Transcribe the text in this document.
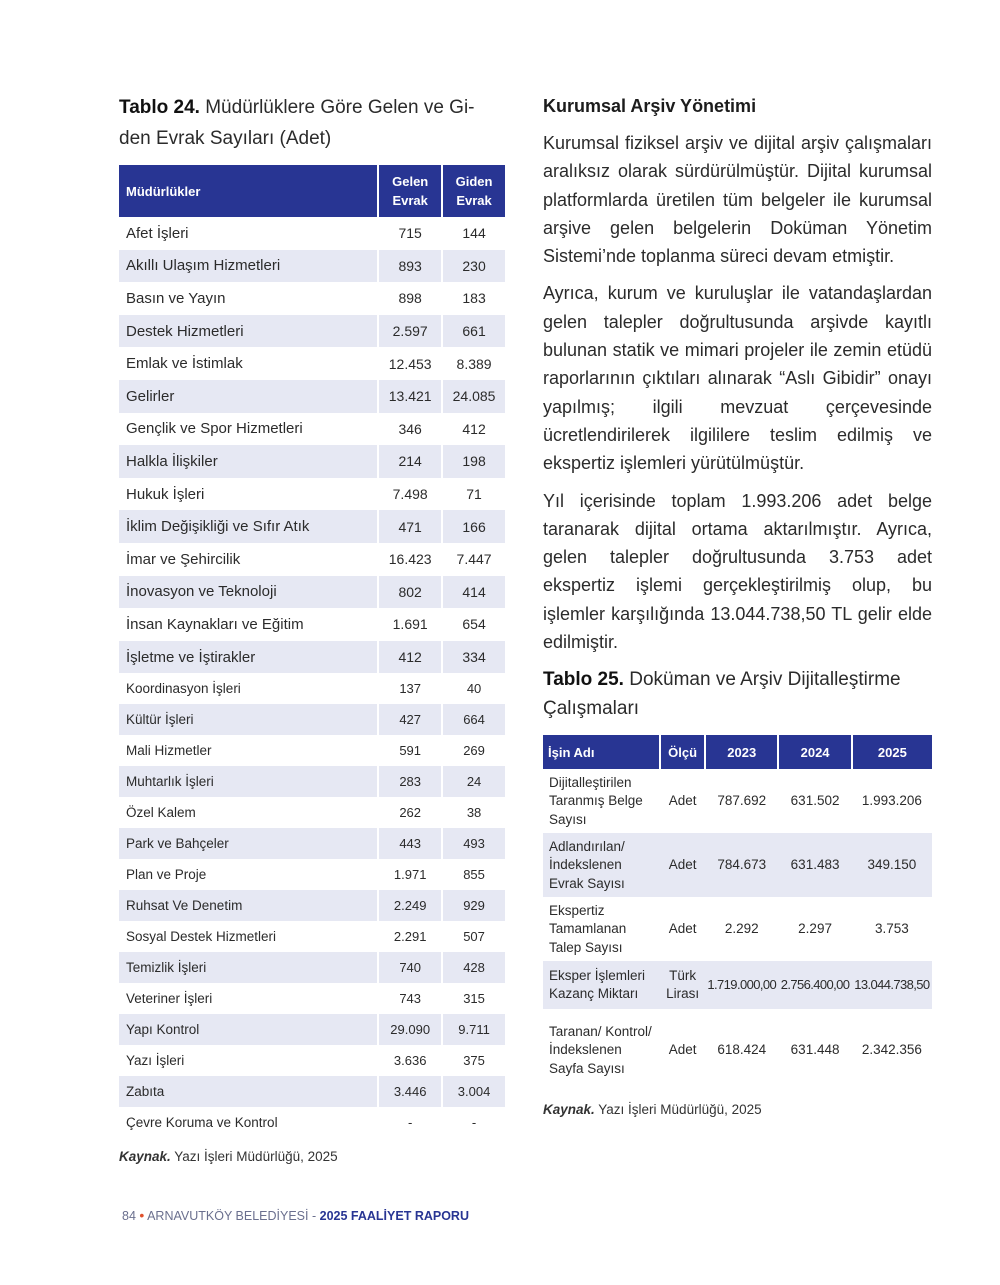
Tablo 24. Müdürlüklere Göre Gelen ve Gi-den Evrak Sayıları (Adet)

Müdürlükler	Gelen Evrak	Giden Evrak
Afet İşleri	715	144
Akıllı Ulaşım Hizmetleri	893	230
Basın ve Yayın	898	183
Destek Hizmetleri	2.597	661
Emlak ve İstimlak	12.453	8.389
Gelirler	13.421	24.085
Gençlik ve Spor Hizmetleri	346	412
Halkla İlişkiler	214	198
Hukuk İşleri	7.498	71
İklim Değişikliği ve Sıfır Atık	471	166
İmar ve Şehircilik	16.423	7.447
İnovasyon ve Teknoloji	802	414
İnsan Kaynakları ve Eğitim	1.691	654
İşletme ve İştirakler	412	334
Koordinasyon İşleri	137	40
Kültür İşleri	427	664
Mali Hizmetler	591	269
Muhtarlık İşleri	283	24
Özel Kalem	262	38
Park ve Bahçeler	443	493
Plan ve Proje	1.971	855
Ruhsat Ve Denetim	2.249	929
Sosyal Destek Hizmetleri	2.291	507
Temizlik İşleri	740	428
Veteriner İşleri	743	315
Yapı Kontrol	29.090	9.711
Yazı İşleri	3.636	375
Zabıta	3.446	3.004
Çevre Koruma ve Kontrol	-	-
Kaynak. Yazı İşleri Müdürlüğü, 2025

Kurumsal Arşiv Yönetimi

Kurumsal fiziksel arşiv ve dijital arşiv çalışmaları aralıksız olarak sürdürülmüştür. Dijital kurumsal platformlarda üretilen tüm belgeler ile kurumsal arşive gelen belgelerin Doküman Yönetim Sistemi’nde toplanma süreci devam etmiştir.

Ayrıca, kurum ve kuruluşlar ile vatandaşlardan gelen talepler doğrultusunda arşivde kayıtlı bulunan statik ve mimari projeler ile zemin etüdü raporlarının çıktıları alınarak “Aslı Gibidir” onayı yapılmış; ilgili mevzuat çerçevesinde ücretlendirilerek ilgililere teslim edilmiş ve ekspertiz işlemleri yürütülmüştür.

Yıl içerisinde toplam 1.993.206 adet belge taranarak dijital ortama aktarılmıştır. Ayrıca, gelen talepler doğrultusunda 3.753 adet ekspertiz işlemi gerçekleştirilmiş olup, bu işlemler karşılığında 13.044.738,50 TL gelir elde edilmiştir.

Tablo 25. Doküman ve Arşiv Dijitalleştirme Çalışmaları

İşin Adı	Ölçü	2023	2024	2025
Dijitalleştirilen Taranmış Belge Sayısı	Adet	787.692	631.502	1.993.206
Adlandırılan/ İndekslenen Evrak Sayısı	Adet	784.673	631.483	349.150
Ekspertiz Tamamlanan Talep Sayısı	Adet	2.292	2.297	3.753
Eksper İşlemleri Kazanç Miktarı	Türk Lirası	1.719.000,00	2.756.400,00	13.044.738,50
Taranan/ Kontrol/ İndekslenen Sayfa Sayısı	Adet	618.424	631.448	2.342.356
Kaynak. Yazı İşleri Müdürlüğü, 2025
84 • ARNAVUTKÖY BELEDİYESİ - 2025 FAALİYET RAPORU
